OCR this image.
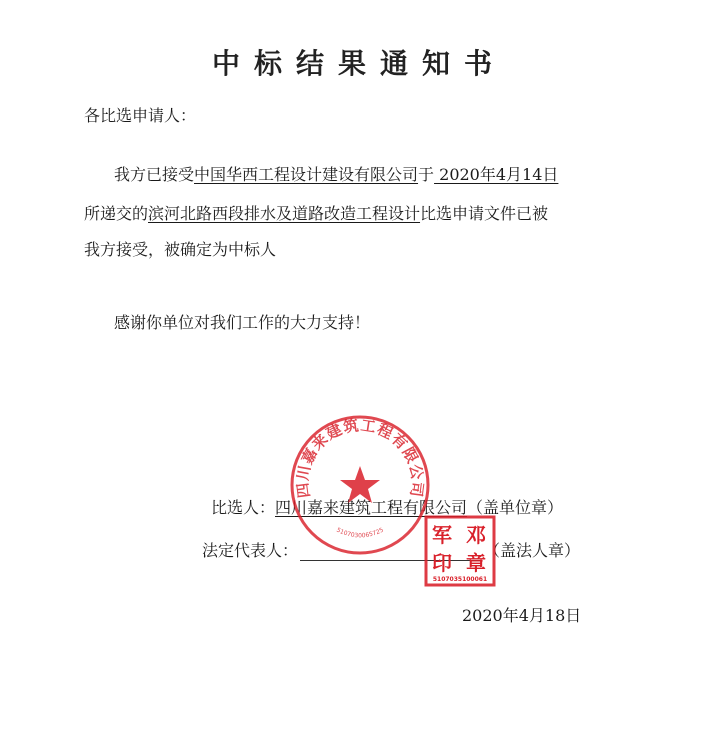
中标结果通知书
各比选申请人：
我方已接受中国华西工程设计建设有限公司于 2020年4月14日
所递交的滨河北路西段排水及道路改造工程设计比选申请文件已被
我方接受，被确定为中标人
感谢你单位对我们工作的大力支持！
比选人：四川嘉来建筑工程有限公司（盖单位章）
法定代表人：	（盖法人章）
2020年4月18日
四川嘉来建筑工程有限公司
5107030065725 军 邓
印 章
5107035100061
